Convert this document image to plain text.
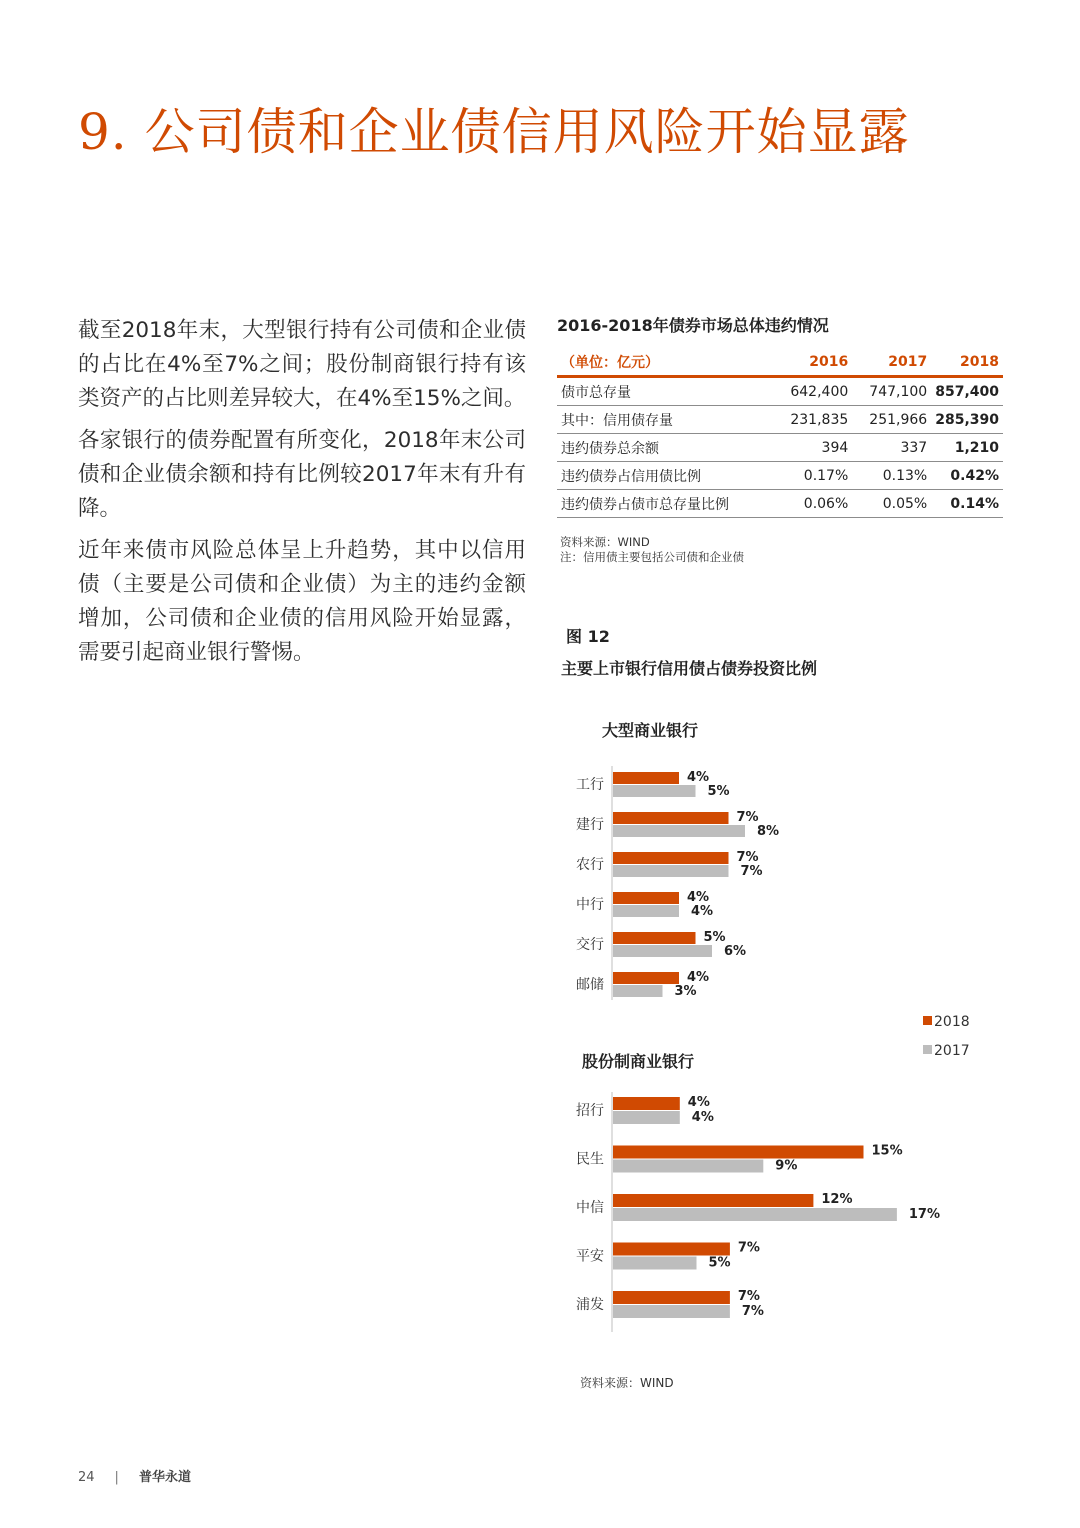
9. 公司债和企业债信用风险开始显露

截至2018年末，大型银行持有公司债和企业债的占比在4%至7%之间；股份制商银行持有该类资产的占比则差异较大，在4%至15%之间。

各家银行的债券配置有所变化，2018年末公司债和企业债余额和持有比例较2017年末有升有降。

近年来债市风险总体呈上升趋势，其中以信用债（主要是公司债和企业债）为主的违约金额增加，公司债和企业债的信用风险开始显露，需要引起商业银行警惕。

2016-2018年债券市场总体违约情况
（单位：亿元）	2016	2017	2018
债市总存量	642,400	747,100	857,400
其中：信用债存量	231,835	251,966	285,390
违约债券总余额	394	337	1,210
违约债券占信用债比例	0.17%	0.13%	0.42%
违约债券占债市总存量比例	0.06%	0.05%	0.14%
资料来源：WIND
注：信用债主要包括公司债和企业债
图 12
主要上市银行信用债占债券投资比例
大型商业银行
工行	4%
5%
建行	7%
8%
农行	7%
7%
中行	4%
4%
交行	5%
6%
邮储	4%
3%
股份制商业银行
招行
4%
4%
民生
15%
9%
中信
12%
17%
平安
7%
5%
浦发
7%
7%
2018
2017
资料来源：WIND
24 | 普华永道
